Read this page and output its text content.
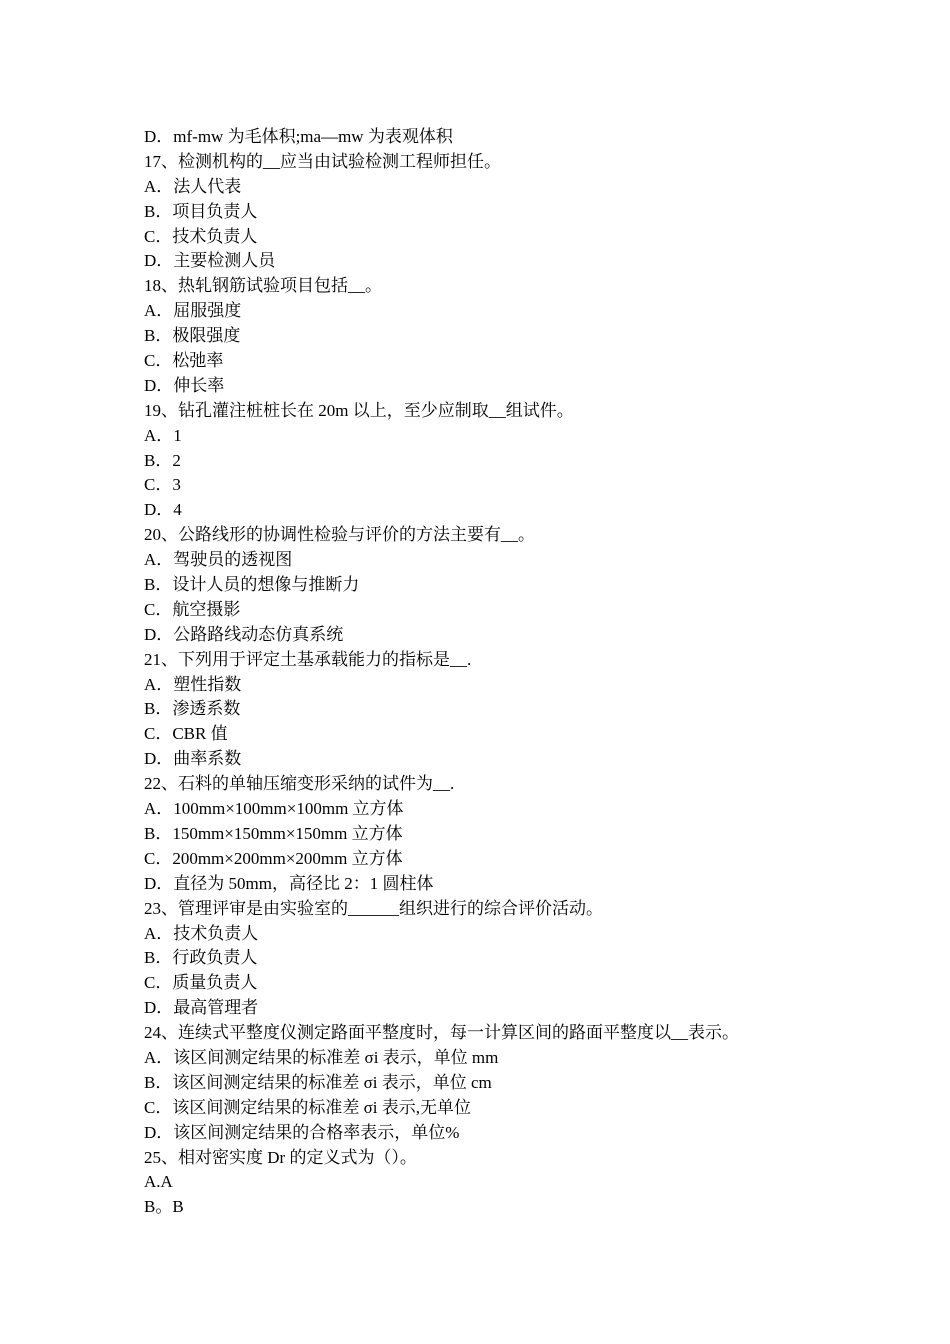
D．mf-mw 为毛体积;ma—mw 为表观体积
17、检测机构的__应当由试验检测工程师担任。
A．法人代表
B．项目负责人
C．技术负责人
D．主要检测人员
18、热轧钢筋试验项目包括__。
A．屈服强度
B．极限强度
C．松弛率
D．伸长率
19、钻孔灌注桩桩长在 20m 以上，至少应制取__组试件。
A．1
B．2
C．3
D．4
20、公路线形的协调性检验与评价的方法主要有__。
A．驾驶员的透视图
B．设计人员的想像与推断力
C．航空摄影
D．公路路线动态仿真系统
21、下列用于评定土基承载能力的指标是__.
A．塑性指数
B．渗透系数
C．CBR 值
D．曲率系数
22、石料的单轴压缩变形采纳的试件为__.
A．100mm×100mm×100mm 立方体
B．150mm×150mm×150mm 立方体
C．200mm×200mm×200mm 立方体
D．直径为 50mm，高径比 2：1 圆柱体
23、管理评审是由实验室的______组织进行的综合评价活动。
A．技术负责人
B．行政负责人
C．质量负责人
D．最高管理者
24、连续式平整度仪测定路面平整度时，每一计算区间的路面平整度以__表示。
A．该区间测定结果的标准差 σi 表示，单位 mm
B．该区间测定结果的标准差 σi 表示，单位 cm
C．该区间测定结果的标准差 σi 表示,无单位
D．该区间测定结果的合格率表示，单位%
25、相对密实度 Dr 的定义式为（）。
A.A
B。B
